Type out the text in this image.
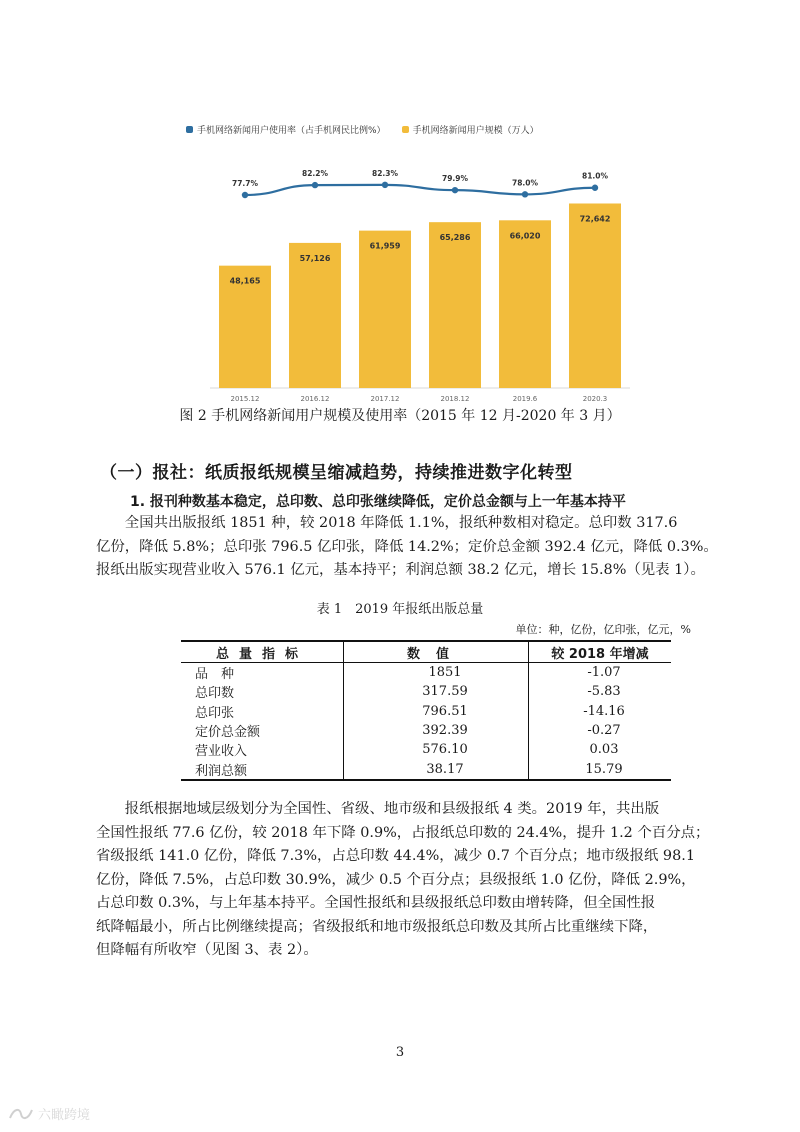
手机网络新闻用户使用率（占手机网民比例%）	手机网络新闻用户规模（万人）
48,165
2015.12
57,126
2016.12
61,959
2017.12
65,286
2018.12
66,020
2019.6
72,642
2020.3
77.7%
82.2%	82.3%
79.9%	78.0%
81.0%
图 2 手机网络新闻用户规模及使用率（2015 年 12 月-2020 年 3 月）
（一）报社：纸质报纸规模呈缩减趋势，持续推进数字化转型
1. 报刊种数基本稳定，总印数、总印张继续降低，定价总金额与上一年基本持平
全国共出版报纸 1851 种，较 2018 年降低 1.1%，报纸种数相对稳定。总印数 317.6
亿份，降低 5.8%；总印张 796.5 亿印张，降低 14.2%；定价总金额 392.4 亿元，降低 0.3%。
报纸出版实现营业收入 576.1 亿元，基本持平；利润总额 38.2 亿元，增长 15.8%（见表 1）。
表 1　2019 年报纸出版总量
单位：种，亿份，亿印张，亿元，%
总量指标	数值	较 2018 年增减
品　种	1851	-1.07
总印数	317.59	-5.83
总印张	796.51	-14.16
定价总金额	392.39	-0.27
营业收入	576.10	0.03
利润总额	38.17	15.79
报纸根据地域层级划分为全国性、省级、地市级和县级报纸 4 类。2019 年，共出版
全国性报纸 77.6 亿份，较 2018 年下降 0.9%，占报纸总印数的 24.4%，提升 1.2 个百分点；
省级报纸 141.0 亿份，降低 7.3%，占总印数 44.4%，减少 0.7 个百分点；地市级报纸 98.1
亿份，降低 7.5%，占总印数 30.9%，减少 0.5 个百分点；县级报纸 1.0 亿份，降低 2.9%，
占总印数 0.3%，与上年基本持平。全国性报纸和县级报纸总印数由增转降，但全国性报
纸降幅最小，所占比例继续提高；省级报纸和地市级报纸总印数及其所占比重继续下降，
但降幅有所收窄（见图 3、表 2）。
3
六瞰跨境
